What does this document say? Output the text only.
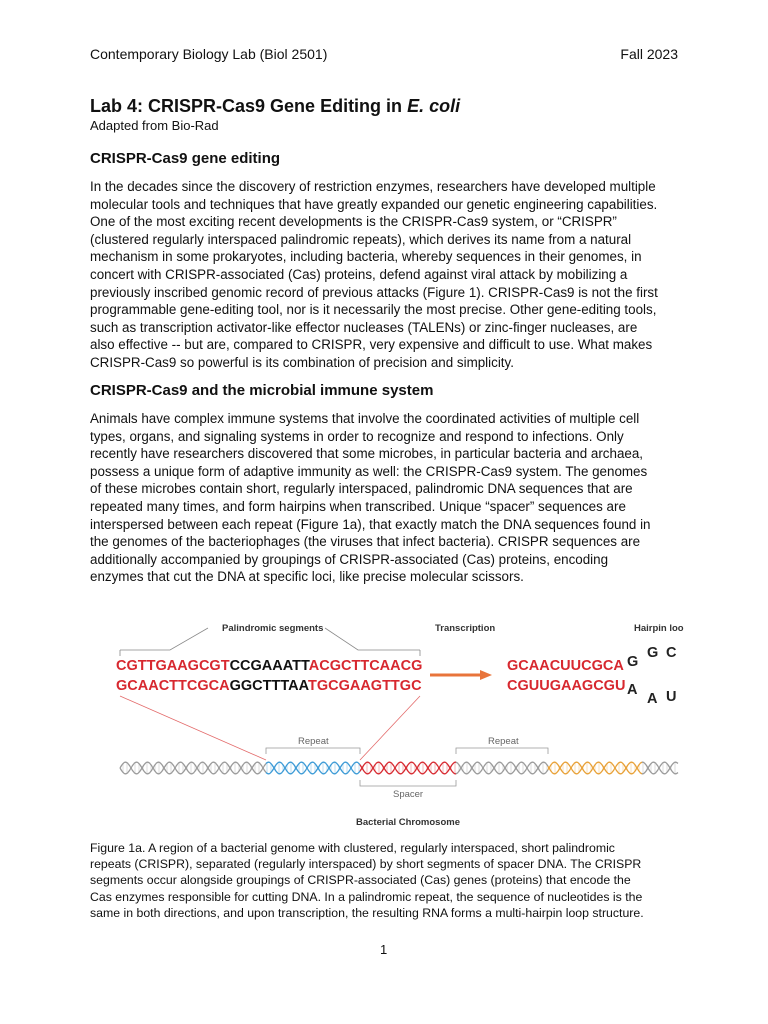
Contemporary Biology Lab (Biol 2501)	Fall 2023
Lab 4: CRISPR-Cas9 Gene Editing in E. coli
Adapted from Bio-Rad
CRISPR-Cas9 gene editing
In the decades since the discovery of restriction enzymes, researchers have developed multiple
molecular tools and techniques that have greatly expanded our genetic engineering capabilities.
One of the most exciting recent developments is the CRISPR-Cas9 system, or “CRISPR”
(clustered regularly interspaced palindromic repeats), which derives its name from a natural
mechanism in some prokaryotes, including bacteria, whereby sequences in their genomes, in
concert with CRISPR-associated (Cas) proteins, defend against viral attack by mobilizing a
previously inscribed genomic record of previous attacks (Figure 1). CRISPR-Cas9 is not the first
programmable gene-editing tool, nor is it necessarily the most precise. Other gene-editing tools,
such as transcription activator-like effector nucleases (TALENs) or zinc-finger nucleases, are
also effective -- but are, compared to CRISPR, very expensive and difficult to use. What makes
CRISPR-Cas9 so powerful is its combination of precision and simplicity.
CRISPR-Cas9 and the microbial immune system
Animals have complex immune systems that involve the coordinated activities of multiple cell
types, organs, and signaling systems in order to recognize and respond to infections. Only
recently have researchers discovered that some microbes, in particular bacteria and archaea,
possess a unique form of adaptive immunity as well: the CRISPR-Cas9 system. The genomes
of these microbes contain short, regularly interspaced, palindromic DNA sequences that are
repeated many times, and form hairpins when transcribed. Unique “spacer” sequences are
interspersed between each repeat (Figure 1a), that exactly match the DNA sequences found in
the genomes of the bacteriophages (the viruses that infect bacteria). CRISPR sequences are
additionally accompanied by groupings of CRISPR-associated (Cas) proteins, encoding
enzymes that cut the DNA at specific loci, like precise molecular scissors.
Palindromic segments	Transcription	Hairpin loo
CGTTGAAGCGTCCGAAATTACGCTTCAACG
GCAACTTCGCAGGCTTTAATGCGAAGTTGC
GCAACUUCGCA
CGUUGAAGCGU
G
G C
A
A U
Repeat	Repeat
Spacer
Bacterial Chromosome
Figure 1a. A region of a bacterial genome with clustered, regularly interspaced, short palindromic
repeats (CRISPR), separated (regularly interspaced) by short segments of spacer DNA. The CRISPR
segments occur alongside groupings of CRISPR-associated (Cas) genes (proteins) that encode the
Cas enzymes responsible for cutting DNA. In a palindromic repeat, the sequence of nucleotides is the
same in both directions, and upon transcription, the resulting RNA forms a multi-hairpin loop structure.
1
